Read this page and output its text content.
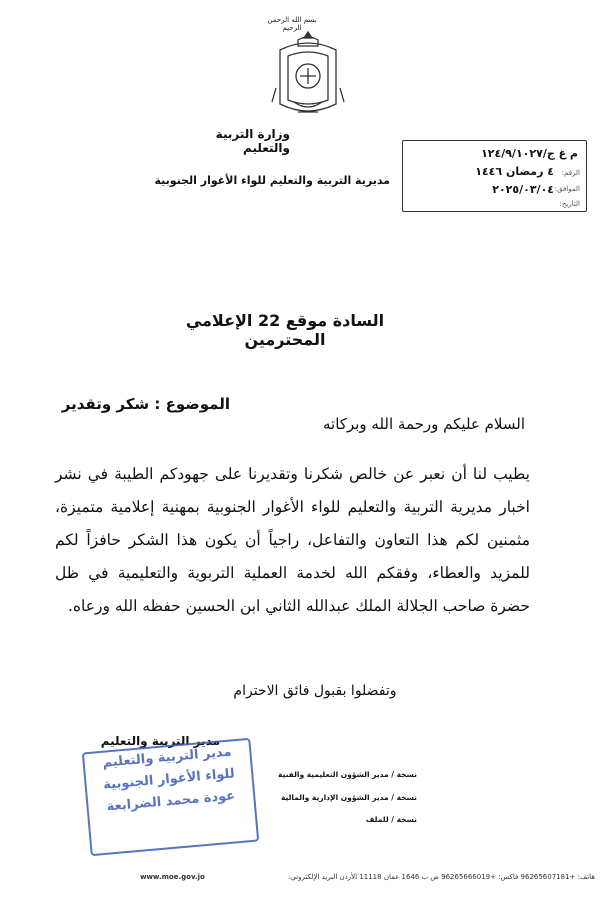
بسم الله الرحمن الرحيم
وزارة التربية والتعليم
مديرية التربية والتعليم للواء الأغوار الجنوبية
م غ ج/١٢٤/٩/١٠٢٧
الرقم:
٤ رمضان ١٤٤٦
الموافق:
٢٠٢٥/٠٣/٠٤
التاريخ:
السادة موقع 22 الإعلامي المحترمين
الموضوع : شكر وتقدير
السلام عليكم ورحمة الله وبركاته
يطيب لنا أن نعبر عن خالص شكرنا وتقديرنا على جهودكم الطيبة في نشر اخبار مديرية التربية والتعليم للواء الأغوار الجنوبية بمهنية إعلامية متميزة، مثمنين لكم هذا التعاون والتفاعل، راجياً أن يكون هذا الشكر حافزاً لكم للمزيد والعطاء، وفقكم الله لخدمة العملية التربوية والتعليمية في ظل حضرة صاحب الجلالة الملك عبدالله الثاني ابن الحسين حفظه الله ورعاه.
وتفضلوا بقبول فائق الاحترام
مدير التربية والتعليم
مدير التربية والتعليم
للواء الأغوار الجنوبية
عودة محمد الضرابعة
نسخة / مدير الشؤون التعليمية والفنية
نسخة / مدير الشؤون الإدارية والمالية
نسخة / للملف
www.moe.gov.jo	هاتف: +96265607181 فاكس: +96265666019 ص ب 1646 عمان 11118 الأردن البريد الإلكتروني:
